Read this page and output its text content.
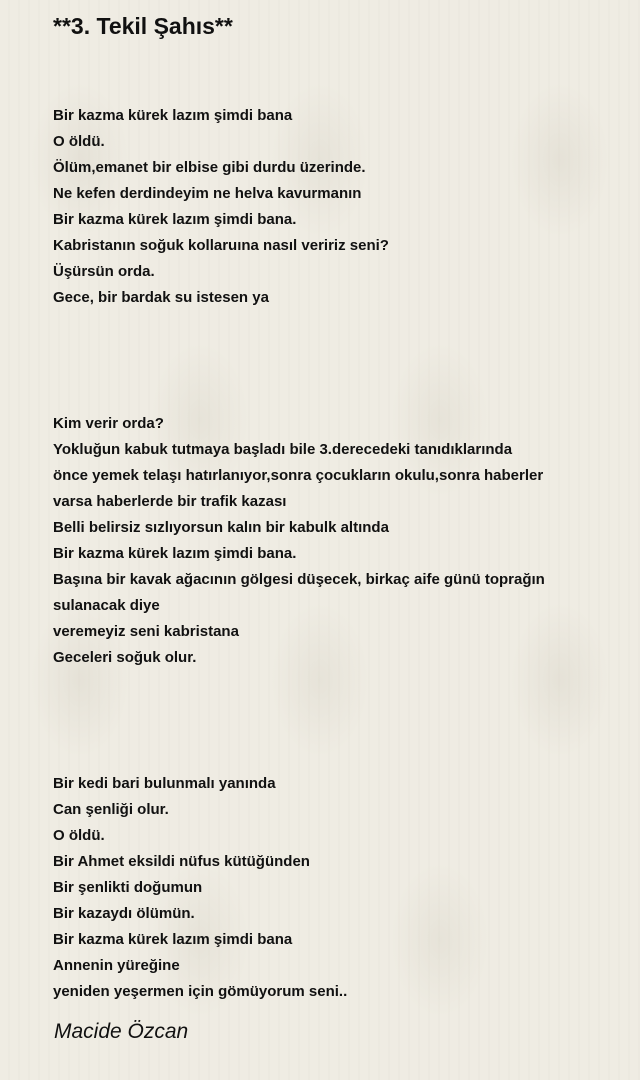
**3. Tekil Şahıs**
Bir kazma kürek lazım şimdi bana
O öldü.
Ölüm,emanet bir elbise gibi durdu üzerinde.
Ne kefen derdindeyim ne helva kavurmanın
Bir kazma kürek lazım şimdi bana.
Kabristanın soğuk kollaruına nasıl veririz seni?
Üşürsün orda.
Gece, bir bardak su istesen ya
Kim verir orda?
Yokluğun kabuk tutmaya başladı bile 3.derecedeki tanıdıklarında
önce yemek telaşı hatırlanıyor,sonra çocukların okulu,sonra haberler
varsa haberlerde bir trafik kazası
Belli belirsiz sızlıyorsun kalın bir kabulk altında
Bir kazma kürek lazım şimdi bana.
Başına bir kavak ağacının gölgesi düşecek, birkaç aife günü toprağın
sulanacak diye
veremeyiz seni kabristana
Geceleri soğuk olur.
Bir kedi bari bulunmalı yanında
Can şenliği olur.
O öldü.
Bir Ahmet eksildi nüfus kütüğünden
Bir şenlikti doğumun
Bir kazaydı ölümün.
Bir kazma kürek lazım şimdi bana
Annenin yüreğine
yeniden yeşermen için gömüyorum seni..

Macide Özcan
